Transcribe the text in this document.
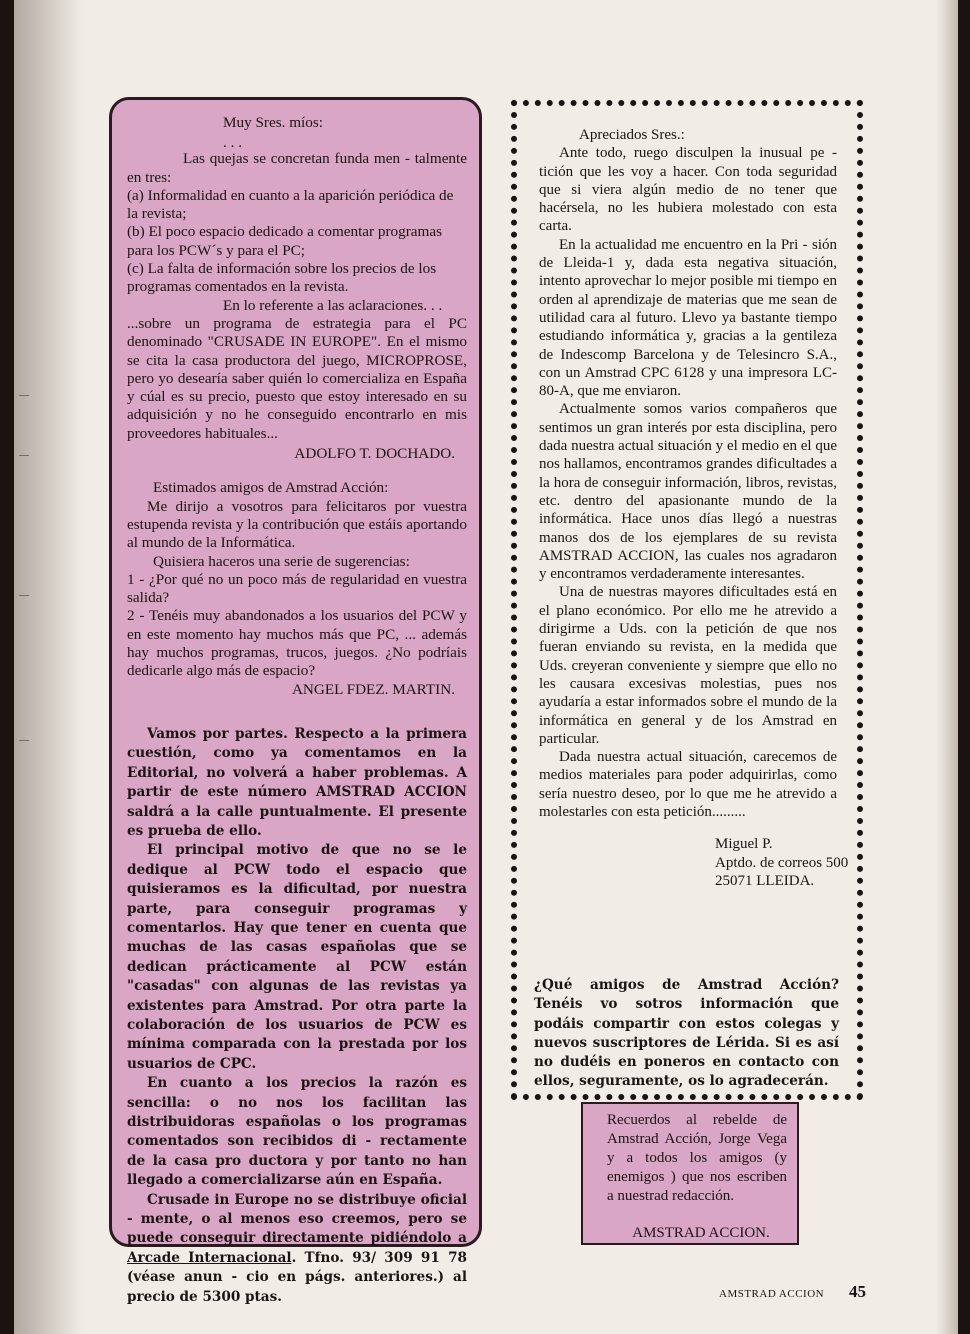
Muy Sres. míos:

. . .

Las quejas se concretan funda men - talmente en tres:

(a) Informalidad en cuanto a la aparición periódica de la revista;

(b) El poco espacio dedicado a comentar programas para los PCW´s y para el PC;

(c) La falta de información sobre los precios de los programas comentados en la revista.

En lo referente a las aclaraciones. . .

...sobre un programa de estrategia para el PC denominado "CRUSADE IN EUROPE". En el mismo se cita la casa productora del juego, MICROPROSE, pero yo desearía saber quién lo comercializa en España y cúal es su precio, puesto que estoy interesado en su adquisición y no he conseguido encontrarlo en mis proveedores habituales...

ADOLFO T. DOCHADO.

Estimados amigos de Amstrad Acción:

Me dirijo a vosotros para felicitaros por vuestra estupenda revista y la contribución que estáis aportando al mundo de la Informática.

Quisiera haceros una serie de sugerencias:

1 - ¿Por qué no un poco más de regularidad en vuestra salida?

2 - Tenéis muy abandonados a los usuarios del PCW y en este momento hay muchos más que PC, ... además hay muchos programas, trucos, juegos. ¿No podríais dedicarle algo más de espacio?

ANGEL FDEZ. MARTIN.

Vamos por partes. Respecto a la primera cuestión, como ya comentamos en la Editorial, no volverá a haber problemas. A partir de este número AMSTRAD ACCION saldrá a la calle puntualmente. El presente es prueba de ello.

El principal motivo de que no se le dedique al PCW todo el espacio que quisieramos es la dificultad, por nuestra parte, para conseguir programas y comentarlos. Hay que tener en cuenta que muchas de las casas españolas que se dedican prácticamente al PCW están "casadas" con algunas de las revistas ya existentes para Amstrad. Por otra parte la colaboración de los usuarios de PCW es mínima comparada con la prestada por los usuarios de CPC.

En cuanto a los precios la razón es sencilla: o no nos los facilitan las distribuidoras españolas o los programas comentados son recibidos di - rectamente de la casa pro ductora y por tanto no han llegado a comercializarse aún en España.

Crusade in Europe no se distribuye oficial - mente, o al menos eso creemos, pero se puede conseguir directamente pidiéndolo a Arcade Internacional. Tfno. 93/ 309 91 78 (véase anun - cio en págs. anteriores.) al precio de 5300 ptas.

Apreciados Sres.:

Ante todo, ruego disculpen la inusual pe - tición que les voy a hacer. Con toda seguridad que si viera algún medio de no tener que hacérsela, no les hubiera molestado con esta carta.

En la actualidad me encuentro en la Pri - sión de Lleida-1 y, dada esta negativa situación, intento aprovechar lo mejor posible mi tiempo en orden al aprendizaje de materias que me sean de utilidad cara al futuro. Llevo ya bastante tiempo estudiando informática y, gracias a la gentileza de Indescomp Barcelona y de Telesincro S.A., con un Amstrad CPC 6128 y una impresora LC-80-A, que me enviaron.

Actualmente somos varios compañeros que sentimos un gran interés por esta disciplina, pero dada nuestra actual situación y el medio en el que nos hallamos, encontramos grandes dificultades a la hora de conseguir información, libros, revistas, etc. dentro del apasionante mundo de la informática. Hace unos días llegó a nuestras manos dos de los ejemplares de su revista AMSTRAD ACCION, las cuales nos agradaron y encontramos verdaderamente interesantes.

Una de nuestras mayores dificultades está en el plano económico. Por ello me he atrevido a dirigirme a Uds. con la petición de que nos fueran enviando su revista, en la medida que Uds. creyeran conveniente y siempre que ello no les causara excesivas molestias, pues nos ayudaría a estar informados sobre el mundo de la informática en general y de los Amstrad en particular.

Dada nuestra actual situación, carecemos de medios materiales para poder adquirirlas, como sería nuestro deseo, por lo que me he atrevido a molestarles con esta petición.........

Miguel P.

Aptdo. de correos 500

25071 LLEIDA.

¿Qué amigos de Amstrad Acción? Tenéis vo sotros información que podáis compartir con estos colegas y nuevos suscriptores de Lérida. Si es así no dudéis en poneros en contacto con ellos, seguramente, os lo agradecerán.

Recuerdos al rebelde de Amstrad Acción, Jorge Vega y a todos los amigos (y enemigos ) que nos escriben a nuestrad redacción.

AMSTRAD ACCION.

AMSTRAD ACCION 45
